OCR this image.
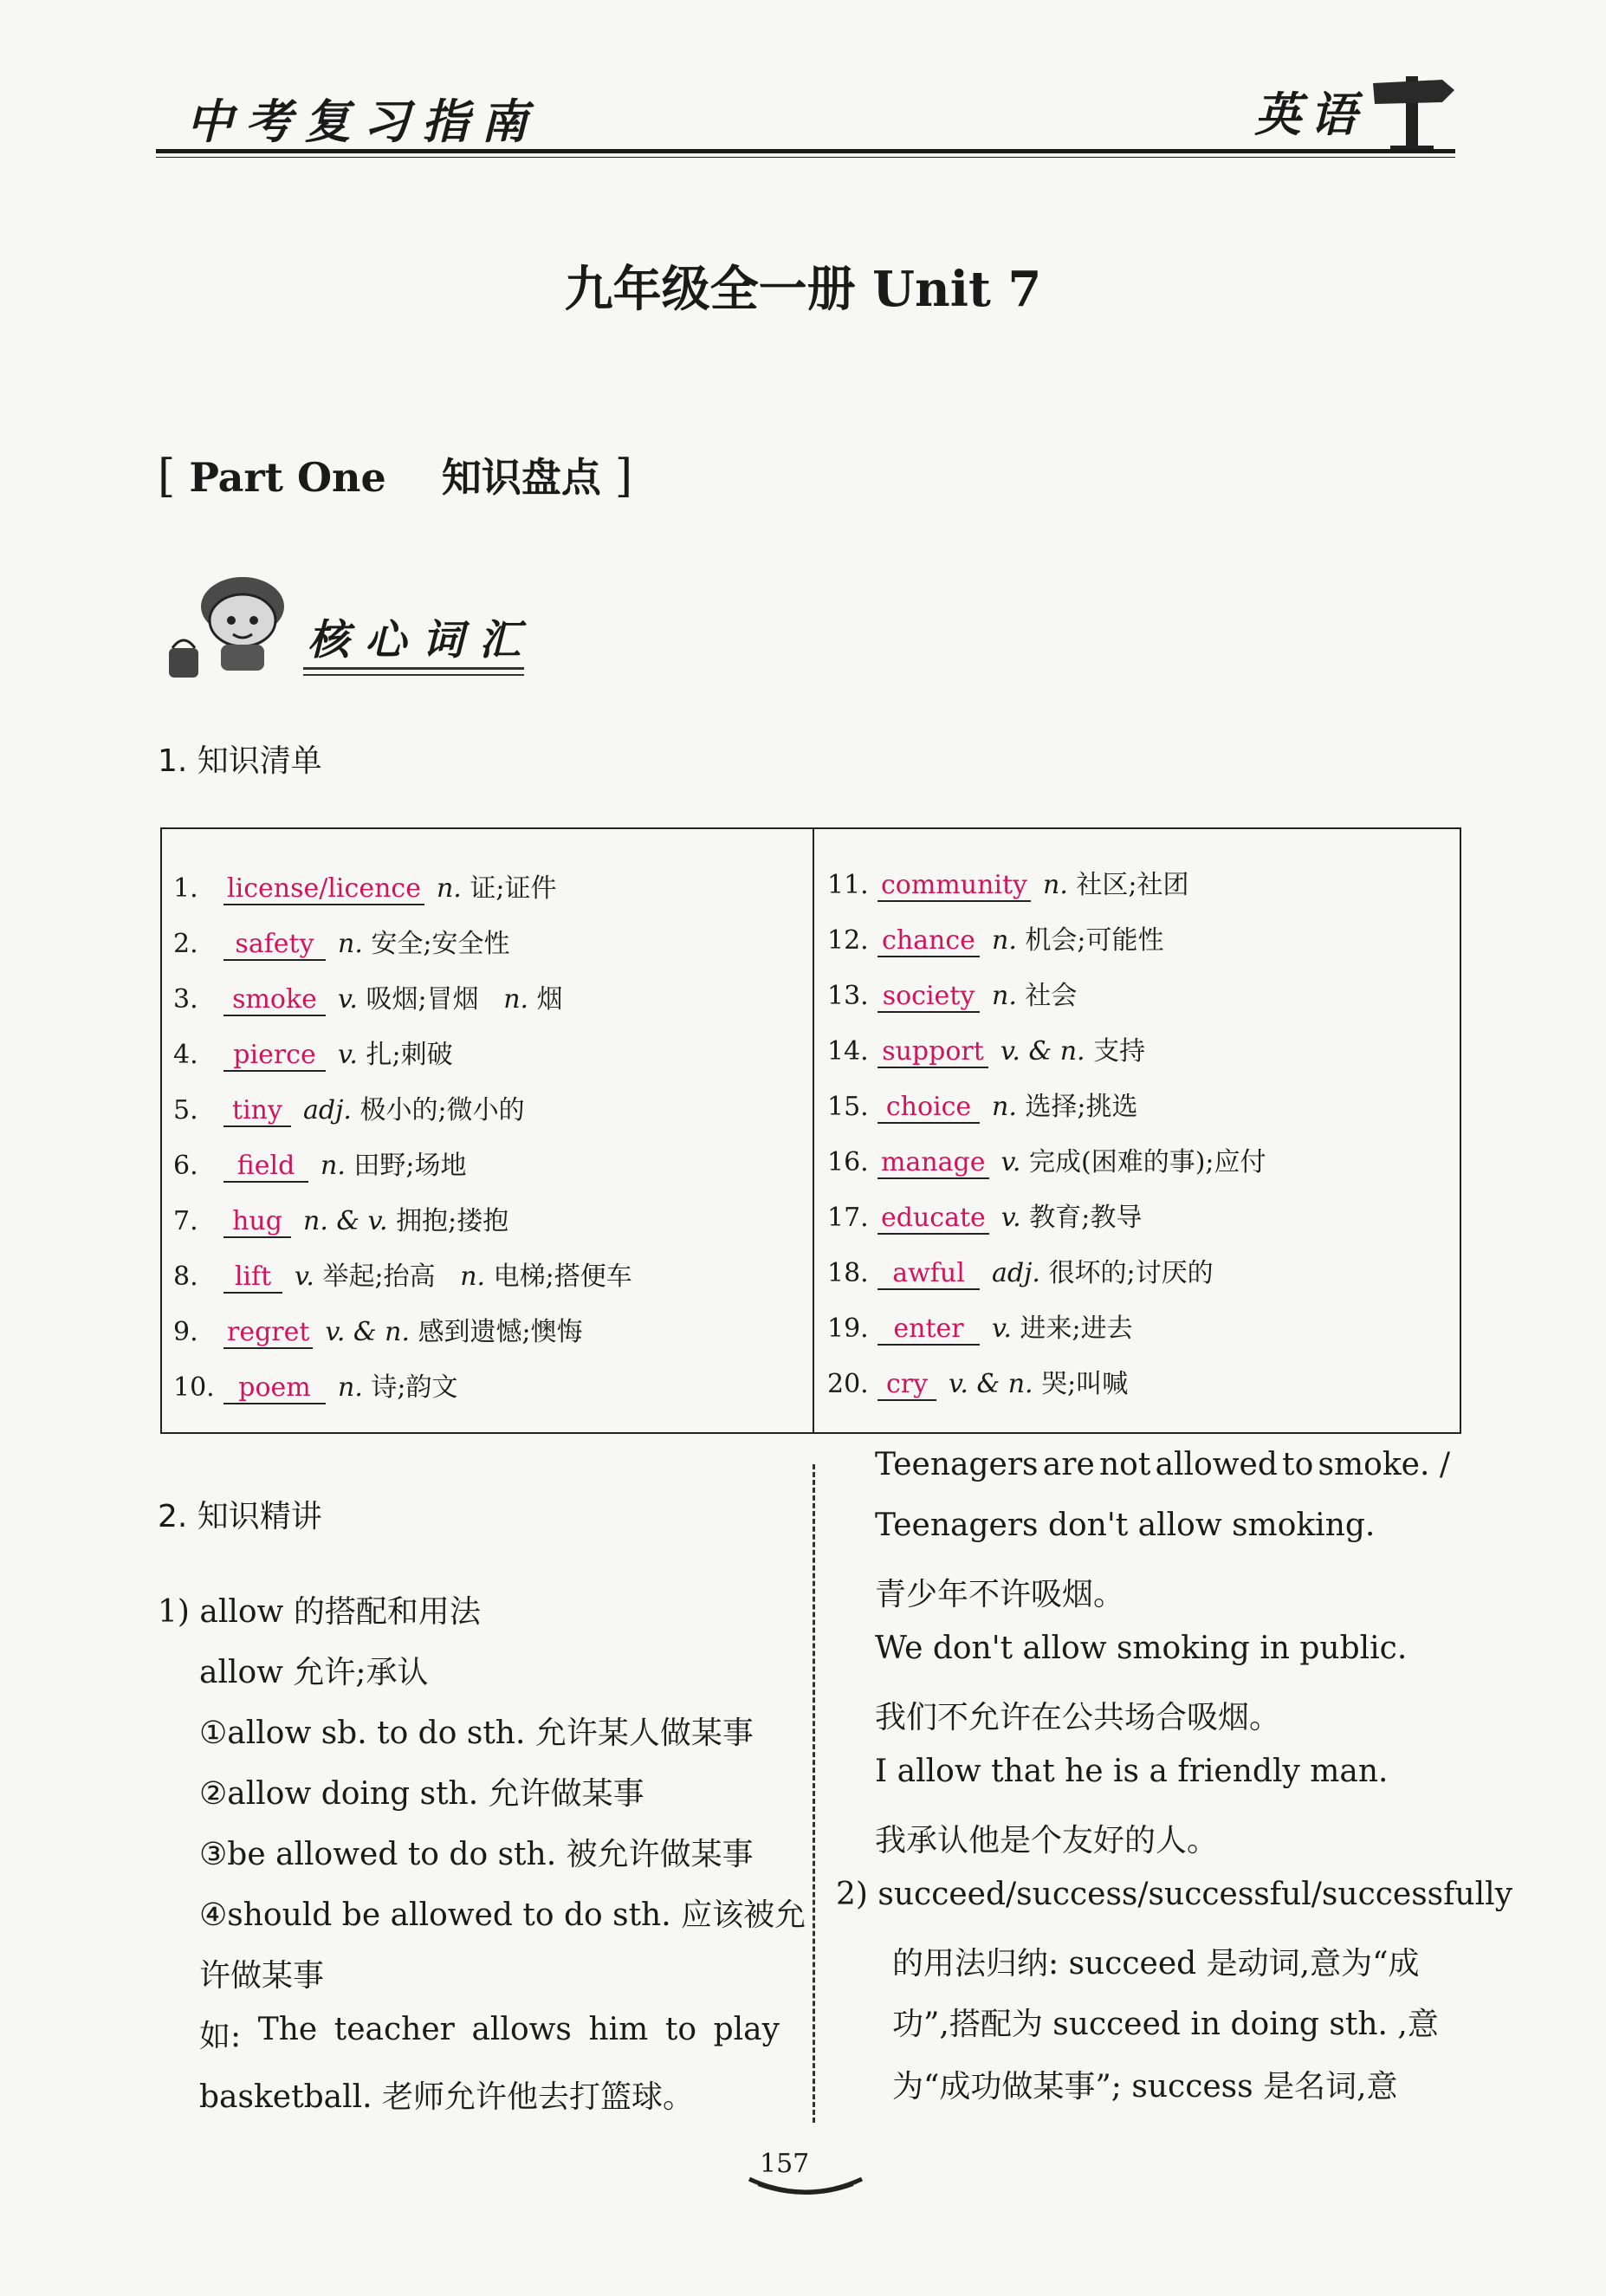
中考复习指南	英语
九年级全一册 Unit 7
[ Part One 知识盘点 ]
核心词汇
1. 知识清单
1. license/licence n. 证;证件
2. safety n. 安全;安全性
3. smoke v. 吸烟;冒烟 n. 烟
4. pierce v. 扎;刺破
5. tiny adj. 极小的;微小的
6. field n. 田野;场地
7. hug n. & v. 拥抱;搂抱
8. lift v. 举起;抬高 n. 电梯;搭便车
9. regret v. & n. 感到遗憾;懊悔
10. poem n. 诗;韵文
11. community n. 社区;社团
12. chance n. 机会;可能性
13. society n. 社会
14. support v. & n. 支持
15. choice n. 选择;挑选
16. manage v. 完成(困难的事);应付
17. educate v. 教育;教导
18. awful adj. 很坏的;讨厌的
19. enter v. 进来;进去
20. cry v. & n. 哭;叫喊
2. 知识精讲
1) allow 的搭配和用法
allow 允许;承认
①allow sb. to do sth. 允许某人做某事
②allow doing sth. 允许做某事
③be allowed to do sth. 被允许做某事
④should be allowed to do sth. 应该被允
许做某事
如: The teacher allows him to play
basketball. 老师允许他去打篮球。
Teenagers are not allowed to smoke. /
Teenagers don't allow smoking.
青少年不许吸烟。
We don't allow smoking in public.
我们不允许在公共场合吸烟。
I allow that he is a friendly man.
我承认他是个友好的人。
2) succeed/success/successful/successfully
的用法归纳: succeed 是动词,意为“成
功”,搭配为 succeed in doing sth. ,意
为“成功做某事”; success 是名词,意
157
